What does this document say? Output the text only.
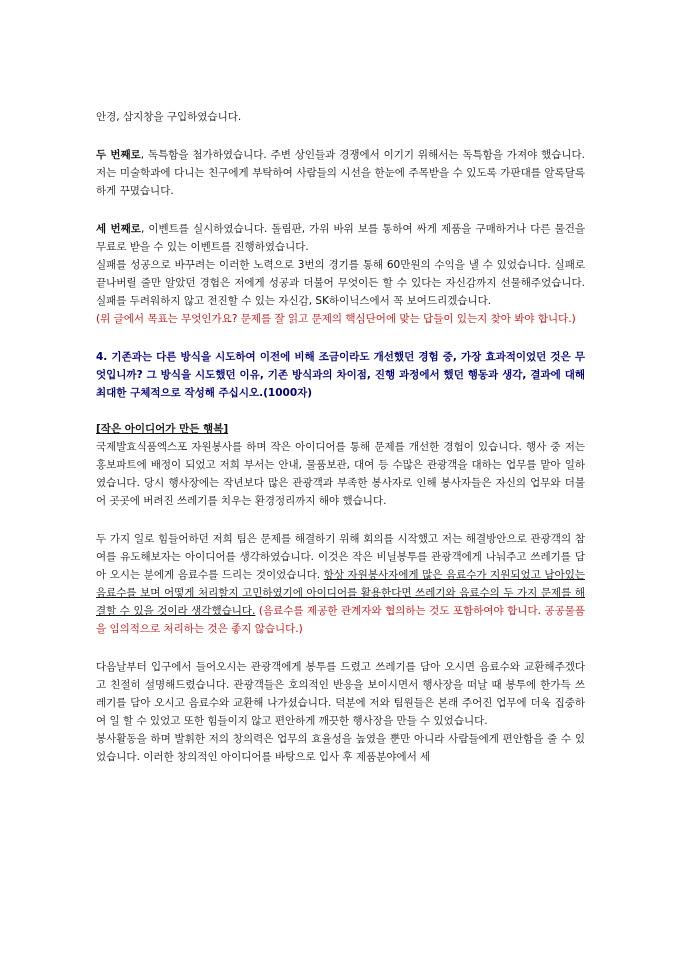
안경, 삼지창을 구입하였습니다.

두 번째로, 독특함을 첨가하였습니다. 주변 상인들과 경쟁에서 이기기 위해서는 독특함을 가져야 했습니다. 저는 미술학과에 다니는 친구에게 부탁하여 사람들의 시선을 한눈에 주목받을 수 있도록 가판대를 알록달록하게 꾸몄습니다.

세 번째로, 이벤트를 실시하였습니다. 돌림판, 가위 바위 보를 통하여 싸게 제품을 구매하거나 다른 물건을 무료로 받을 수 있는 이벤트를 진행하였습니다.

실패를 성공으로 바꾸려는 이러한 노력으로 3번의 경기를 통해 60만원의 수익을 낼 수 있었습니다. 실패로 끝나버릴 줄만 알았던 경험은 저에게 성공과 더불어 무엇이든 할 수 있다는 자신감까지 선물해주었습니다. 실패를 두려워하지 않고 전진할 수 있는 자신감, SK하이닉스에서 꼭 보여드리겠습니다.

(위 글에서 목표는 무엇인가요? 문제를 잘 읽고 문제의 핵심단어에 맞는 답들이 있는지 찾아 봐야 합니다.)

4. 기존과는 다른 방식을 시도하여 이전에 비해 조금이라도 개선했던 경험 중, 가장 효과적이었던 것은 무엇입니까? 그 방식을 시도했던 이유, 기존 방식과의 차이점, 진행 과정에서 했던 행동과 생각, 결과에 대해 최대한 구체적으로 작성해 주십시오.(1000자)

[작은 아이디어가 만든 행복]

국제발효식품엑스포 자원봉사를 하며 작은 아이디어를 통해 문제를 개선한 경험이 있습니다. 행사 중 저는 홍보파트에 배정이 되었고 저희 부서는 안내, 물품보관, 대여 등 수많은 관광객을 대하는 업무를 맡아 일하였습니다. 당시 행사장에는 작년보다 많은 관광객과 부족한 봉사자로 인해 봉사자들은 자신의 업무와 더불어 곳곳에 버려진 쓰레기를 치우는 환경정리까지 해야 했습니다.

두 가지 일로 힘들어하던 저희 팀은 문제를 해결하기 위해 회의를 시작했고 저는 해결방안으로 관광객의 참여를 유도해보자는 아이디어를 생각하였습니다. 이것은 작은 비닐봉투를 관광객에게 나눠주고 쓰레기를 담아 오시는 분에게 음료수를 드리는 것이었습니다. 항상 자원봉사자에게 많은 음료수가 지원되었고 남아있는 음료수를 보며 어떻게 처리할지 고민하였기에 아이디어를 활용한다면 쓰레기와 음료수의 두 가지 문제를 해결할 수 있을 것이라 생각했습니다. (음료수를 제공한 관계자와 협의하는 것도 포함하여야 합니다. 공공물품을 임의적으로 처리하는 것은 좋지 않습니다.)

다음날부터 입구에서 들어오시는 관광객에게 봉투를 드렸고 쓰레기를 담아 오시면 음료수와 교환해주겠다고 친절히 설명해드렸습니다. 관광객들은 호의적인 반응을 보이시면서 행사장을 떠날 때 봉투에 한가득 쓰레기를 담아 오시고 음료수와 교환해 나가셨습니다. 덕분에 저와 팀원들은 본래 주어진 업무에 더욱 집중하여 일 할 수 있었고 또한 힘들이지 않고 편안하게 깨끗한 행사장을 만들 수 있었습니다.

봉사활동을 하며 발휘한 저의 창의력은 업무의 효율성을 높였을 뿐만 아니라 사람들에게 편안함을 줄 수 있었습니다. 이러한 창의적인 아이디어를 바탕으로 입사 후 제품분야에서 세
